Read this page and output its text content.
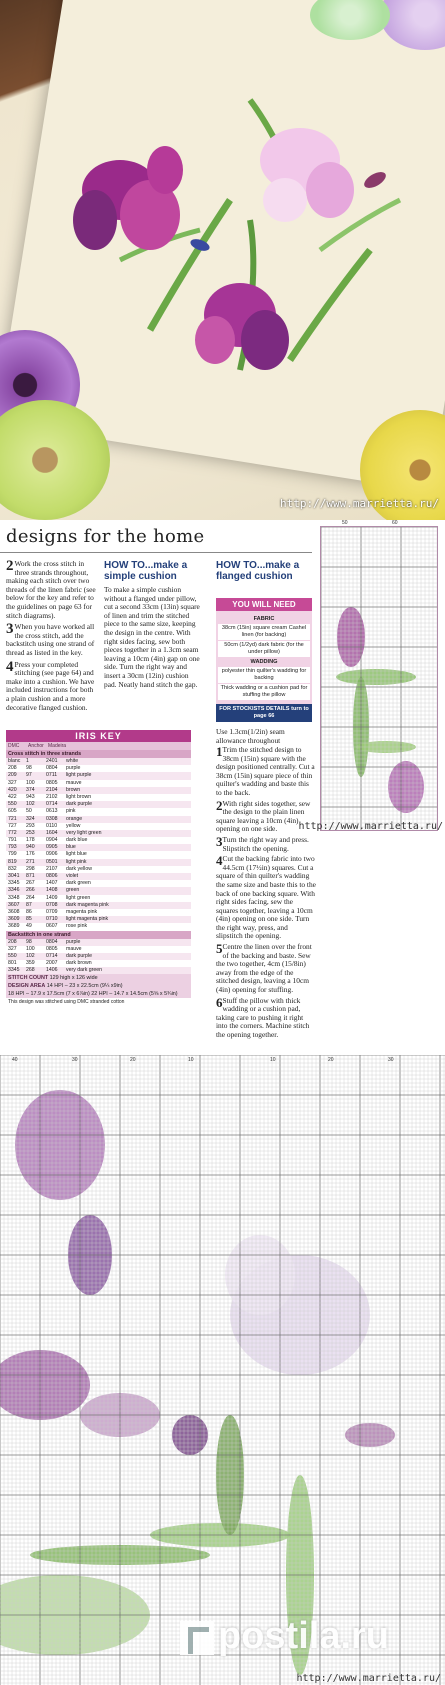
http://www.marrietta.ru/
designs for the home

2 Work the cross stitch in three strands throughout, making each stitch over two threads of the linen fabric (see below for the key and refer to the guidelines on page 63 for stitch diagrams).

3 When you have worked all the cross stitch, add the backstitch using one strand of thread as listed in the key.

4 Press your completed stitching (see page 64) and make into a cushion. We have included instructions for both a plain cushion and a more decorative flanged cushion.

HOW TO...make a simple cushion
To make a simple cushion without a flanged under pillow, cut a second 33cm (13in) square of linen and trim the stitched piece to the same size, keeping the design in the centre. With right sides facing, sew both pieces together in a 1.3cm seam leaving a 10cm (4in) gap on one side. Turn the right way and insert a 30cm (12in) cushion pad. Neatly hand stitch the gap.
HOW TO...make a flanged cushion
YOU WILL NEED
FABRIC
38cm (15in) square cream Cashel linen (for backing)
50cm (1/2yd) dark fabric (for the under pillow)
WADDING
polyester thin quilter's wadding for backing
Thick wadding or a cushion pad for stuffing the pillow
FOR STOCKISTS DETAILS turn to page 66
Use 1.3cm(1/2in) seam allowance throughout

1 Trim the stitched design to 38cm (15in) square with the design positioned centrally. Cut a 38cm (15in) square piece of thin quilter's wadding and baste this to the back.

2 With right sides together, sew the design to the plain linen square leaving a 10cm (4in) opening on one side.

3 Turn the right way and press. Slipstitch the opening.

4 Cut the backing fabric into two 44.5cm (17½in) squares. Cut a square of thin quilter's wadding the same size and baste this to the back of one backing square. With right sides facing, sew the squares together, leaving a 10cm (4in) opening on one side. Turn the right way, press, and slipstitch the opening.

5 Centre the linen over the front of the backing and baste. Sew the two together, 4cm (15/8in) away from the edge of the stitched design, leaving a 10cm (4in) opening for stuffing.

6 Stuff the pillow with thick wadding or a cushion pad, taking care to pushing it right into the corners. Machine stitch the opening together.

IRIS KEY
DMC	Anchor Madeira
Cross stitch in three strands
blanc	1	2401	white
208	98	0804	purple
209	97	0711	light purple
327	100	0805	mauve
420	374	2104	brown
422	943	2102	light brown
550	102	0714	dark purple
605	50	0613	pink
721	324	0308	orange
727	293	0110	yellow
772	253	1604	very light green
791	178	0904	dark blue
793	940	0905	blue
799	176	0906	light blue
819	271	0501	light pink
832	298	2107	dark yellow
3041	871	0806	violet
3345	267	1407	dark green
3346	266	1408	green
3348	264	1409	light green
3607	87	0708	dark magenta pink
3608	86	0709	magenta pink
3609	85	0710	light magenta pink
3689	49	0607	rose pink
Backstitch in one strand
208	98	0804	purple
327	100	0805	mauve
550	102	0714	dark purple
801	359	2007	dark brown
3345	268	1406	very dark green
STITCH COUNT 129 high x 126 wide
DESIGN AREA 14 HPI – 23 x 22.5cm (9¼ x9in)
18 HPI – 17.9 x 17.5cm (7 x 6⅞in) 22 HPI – 14.7 x 14.5cm (5⅝ x 5¾in)
This design was stitched using DMC stranded cotton
50	60
http://www.marrietta.ru/
40	30	20	10	10	20	30
postila.ru
http://www.marrietta.ru/
